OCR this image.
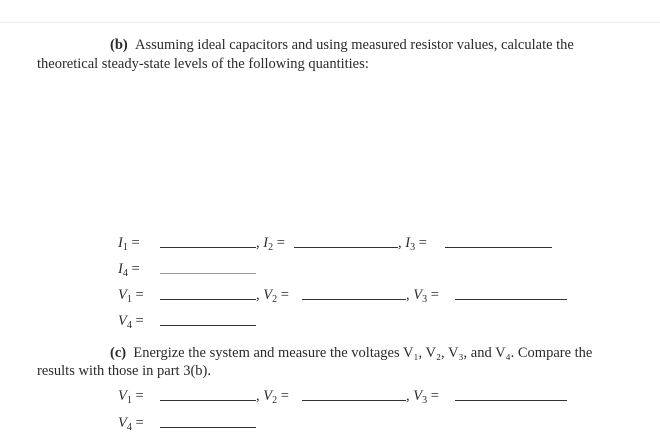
(b) Assuming ideal capacitors and using measured resistor values, calculate the
theoretical steady-state levels of the following quantities:
$I_1$ =	, $I_2$ =	, $I_3$ =
$I_4$ =
$V_1$ =	, $V_2$ =	, $V_3$ =
$V_4$ =
(c) Energize the system and measure the voltages V₁, V₂, V₃, and V₄. Compare the
results with those in part 3(b).
$V_1$ =	, $V_2$ =	, $V_3$ =
$V_4$ =
